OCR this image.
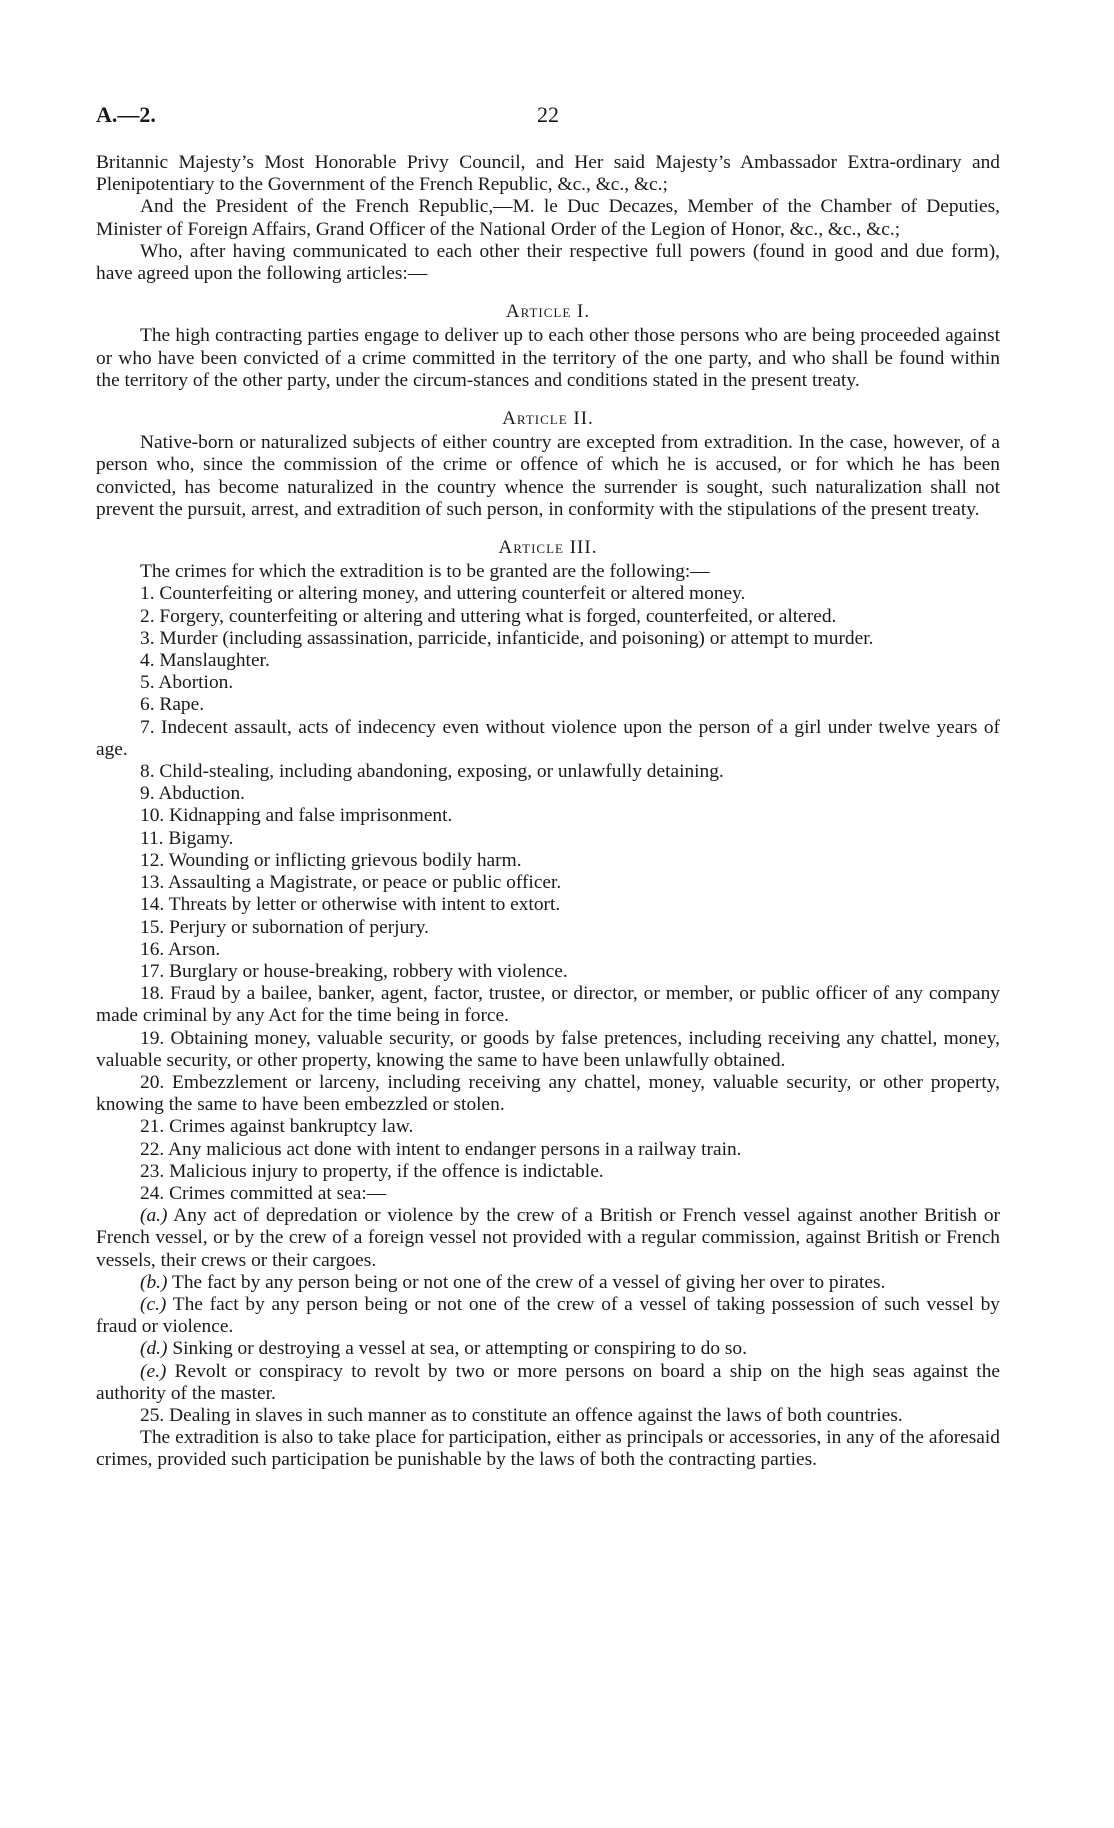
A.—2.	22

Britannic Majesty’s Most Honorable Privy Council, and Her said Majesty’s Ambassador Extra-ordinary and Plenipotentiary to the Government of the French Republic, &c., &c., &c.;

And the President of the French Republic,—M. le Duc Decazes, Member of the Chamber of Deputies, Minister of Foreign Affairs, Grand Officer of the National Order of the Legion of Honor, &c., &c., &c.;

Who, after having communicated to each other their respective full powers (found in good and due form), have agreed upon the following articles:—

Article I.

The high contracting parties engage to deliver up to each other those persons who are being proceeded against or who have been convicted of a crime committed in the territory of the one party, and who shall be found within the territory of the other party, under the circum-stances and conditions stated in the present treaty.

Article II.

Native-born or naturalized subjects of either country are excepted from extradition. In the case, however, of a person who, since the commission of the crime or offence of which he is accused, or for which he has been convicted, has become naturalized in the country whence the surrender is sought, such naturalization shall not prevent the pursuit, arrest, and extradition of such person, in conformity with the stipulations of the present treaty.

Article III.

The crimes for which the extradition is to be granted are the following:—

1. Counterfeiting or altering money, and uttering counterfeit or altered money.

2. Forgery, counterfeiting or altering and uttering what is forged, counterfeited, or altered.

3. Murder (including assassination, parricide, infanticide, and poisoning) or attempt to murder.

4. Manslaughter.

5. Abortion.

6. Rape.

7. Indecent assault, acts of indecency even without violence upon the person of a girl under twelve years of age.

8. Child-stealing, including abandoning, exposing, or unlawfully detaining.

9. Abduction.

10. Kidnapping and false imprisonment.

11. Bigamy.

12. Wounding or inflicting grievous bodily harm.

13. Assaulting a Magistrate, or peace or public officer.

14. Threats by letter or otherwise with intent to extort.

15. Perjury or subornation of perjury.

16. Arson.

17. Burglary or house-breaking, robbery with violence.

18. Fraud by a bailee, banker, agent, factor, trustee, or director, or member, or public officer of any company made criminal by any Act for the time being in force.

19. Obtaining money, valuable security, or goods by false pretences, including receiving any chattel, money, valuable security, or other property, knowing the same to have been unlawfully obtained.

20. Embezzlement or larceny, including receiving any chattel, money, valuable security, or other property, knowing the same to have been embezzled or stolen.

21. Crimes against bankruptcy law.

22. Any malicious act done with intent to endanger persons in a railway train.

23. Malicious injury to property, if the offence is indictable.

24. Crimes committed at sea:—

(a.) Any act of depredation or violence by the crew of a British or French vessel against another British or French vessel, or by the crew of a foreign vessel not provided with a regular commission, against British or French vessels, their crews or their cargoes.

(b.) The fact by any person being or not one of the crew of a vessel of giving her over to pirates.

(c.) The fact by any person being or not one of the crew of a vessel of taking possession of such vessel by fraud or violence.

(d.) Sinking or destroying a vessel at sea, or attempting or conspiring to do so.

(e.) Revolt or conspiracy to revolt by two or more persons on board a ship on the high seas against the authority of the master.

25. Dealing in slaves in such manner as to constitute an offence against the laws of both countries.

The extradition is also to take place for participation, either as principals or accessories, in any of the aforesaid crimes, provided such participation be punishable by the laws of both the contracting parties.
